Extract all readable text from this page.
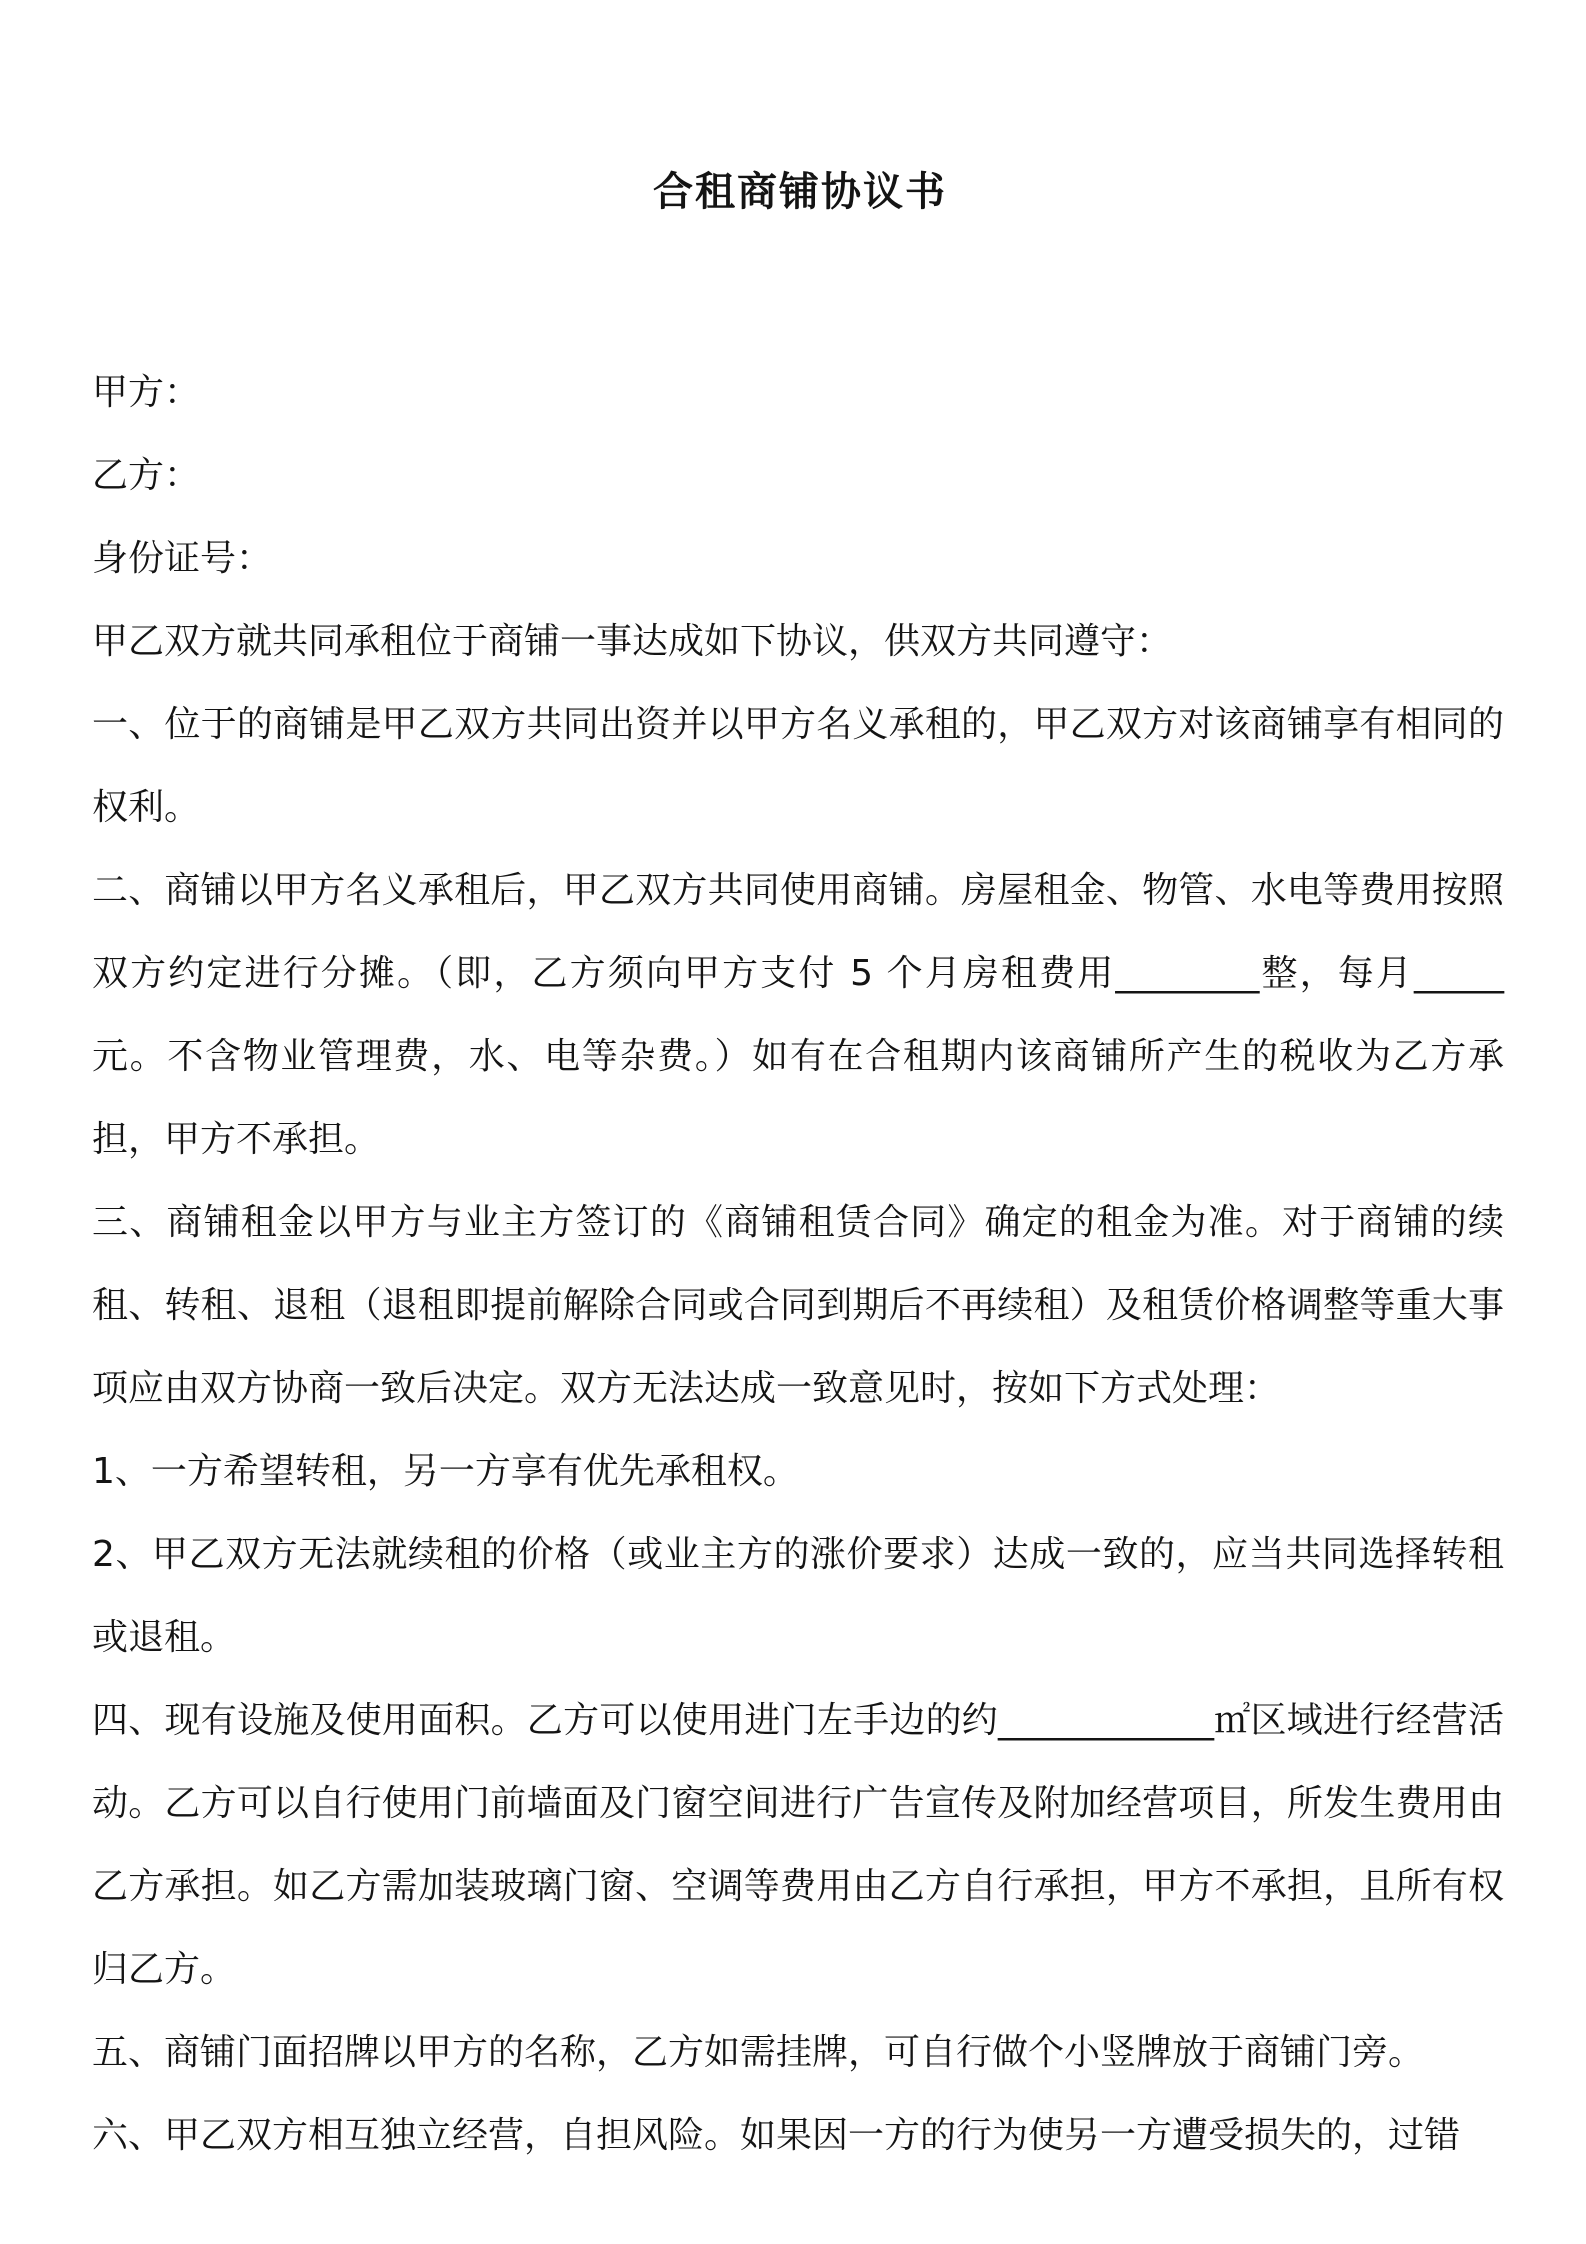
合租商铺协议书

甲方：

乙方：

身份证号：

甲乙双方就共同承租位于商铺一事达成如下协议，供双方共同遵守：

一、位于的商铺是甲乙双方共同出资并以甲方名义承租的，甲乙双方对该商铺享有相同的权利。

二、商铺以甲方名义承租后，甲乙双方共同使用商铺。房屋租金、物管、水电等费用按照双方约定进行分摊。（即，乙方须向甲方支付 5 个月房租费用________整，每月_____元。不含物业管理费，水、电等杂费。）如有在合租期内该商铺所产生的税收为乙方承担，甲方不承担。

三、商铺租金以甲方与业主方签订的《商铺租赁合同》确定的租金为准。对于商铺的续租、转租、退租（退租即提前解除合同或合同到期后不再续租）及租赁价格调整等重大事项应由双方协商一致后决定。双方无法达成一致意见时，按如下方式处理：

1、一方希望转租，另一方享有优先承租权。

2、甲乙双方无法就续租的价格（或业主方的涨价要求）达成一致的，应当共同选择转租或退租。

四、现有设施及使用面积。乙方可以使用进门左手边的约____________㎡区域进行经营活动。乙方可以自行使用门前墙面及门窗空间进行广告宣传及附加经营项目，所发生费用由乙方承担。如乙方需加装玻璃门窗、空调等费用由乙方自行承担，甲方不承担，且所有权归乙方。

五、商铺门面招牌以甲方的名称，乙方如需挂牌，可自行做个小竖牌放于商铺门旁。

六、甲乙双方相互独立经营，自担风险。如果因一方的行为使另一方遭受损失的，过错
